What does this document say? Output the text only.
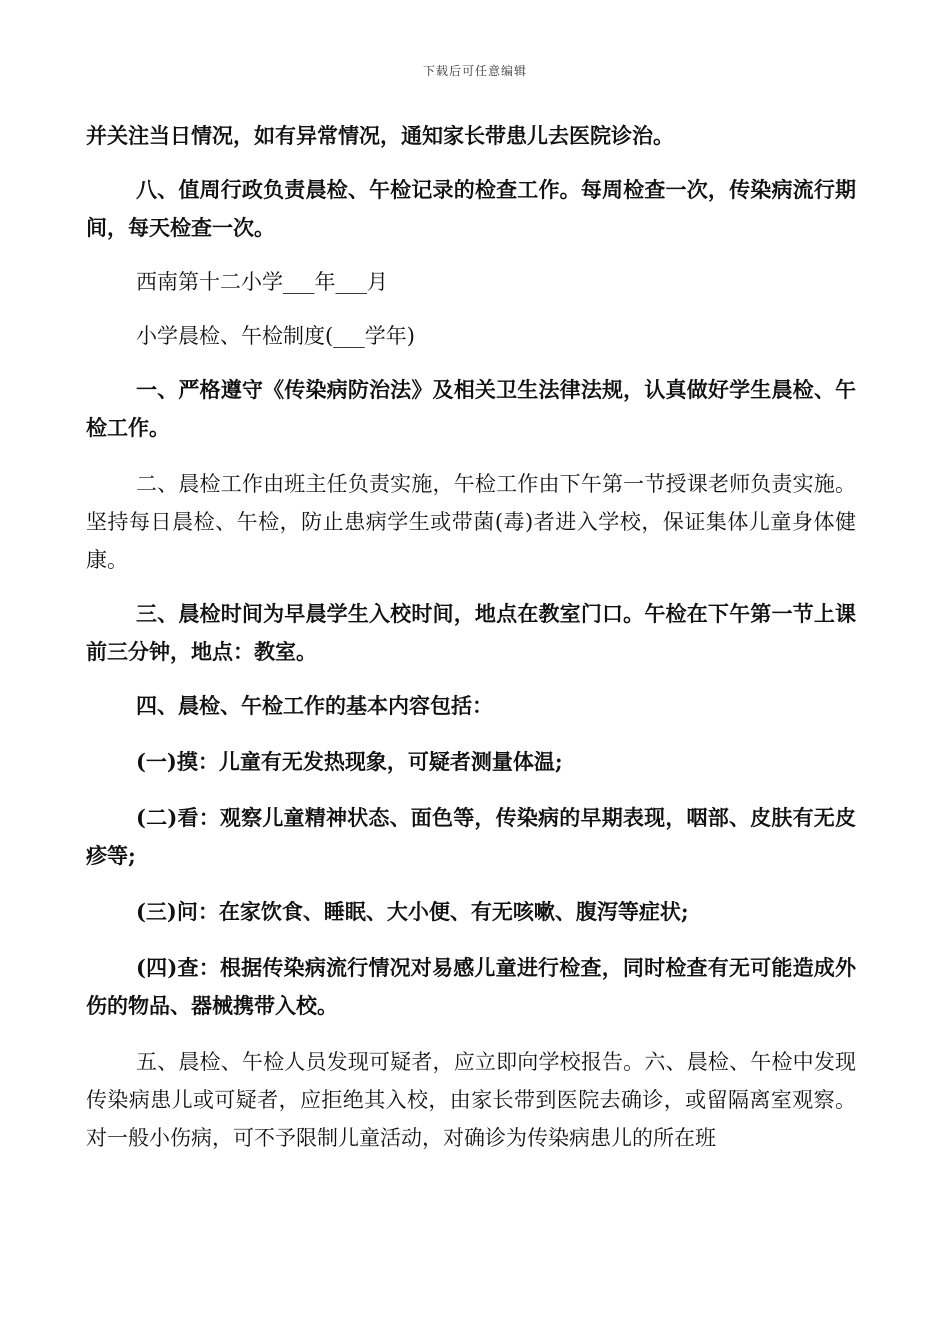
下载后可任意编辑

并关注当日情况，如有异常情况，通知家长带患儿去医院诊治。

八、值周行政负责晨检、午检记录的检查工作。每周检查一次，传染病流行期间，每天检查一次。

西南第十二小学___年___月

小学晨检、午检制度(___学年)

一、严格遵守《传染病防治法》及相关卫生法律法规，认真做好学生晨检、午检工作。

二、晨检工作由班主任负责实施，午检工作由下午第一节授课老师负责实施。坚持每日晨检、午检，防止患病学生或带菌(毒)者进入学校，保证集体儿童身体健康。

三、晨检时间为早晨学生入校时间，地点在教室门口。午检在下午第一节上课前三分钟，地点：教室。

四、晨检、午检工作的基本内容包括：

(一)摸：儿童有无发热现象，可疑者测量体温;

(二)看：观察儿童精神状态、面色等，传染病的早期表现，咽部、皮肤有无皮疹等;

(三)问：在家饮食、睡眠、大小便、有无咳嗽、腹泻等症状;

(四)查：根据传染病流行情况对易感儿童进行检查，同时检查有无可能造成外伤的物品、器械携带入校。

五、晨检、午检人员发现可疑者，应立即向学校报告。六、晨检、午检中发现传染病患儿或可疑者，应拒绝其入校，由家长带到医院去确诊，或留隔离室观察。对一般小伤病，可不予限制儿童活动，对确诊为传染病患儿的所在班
